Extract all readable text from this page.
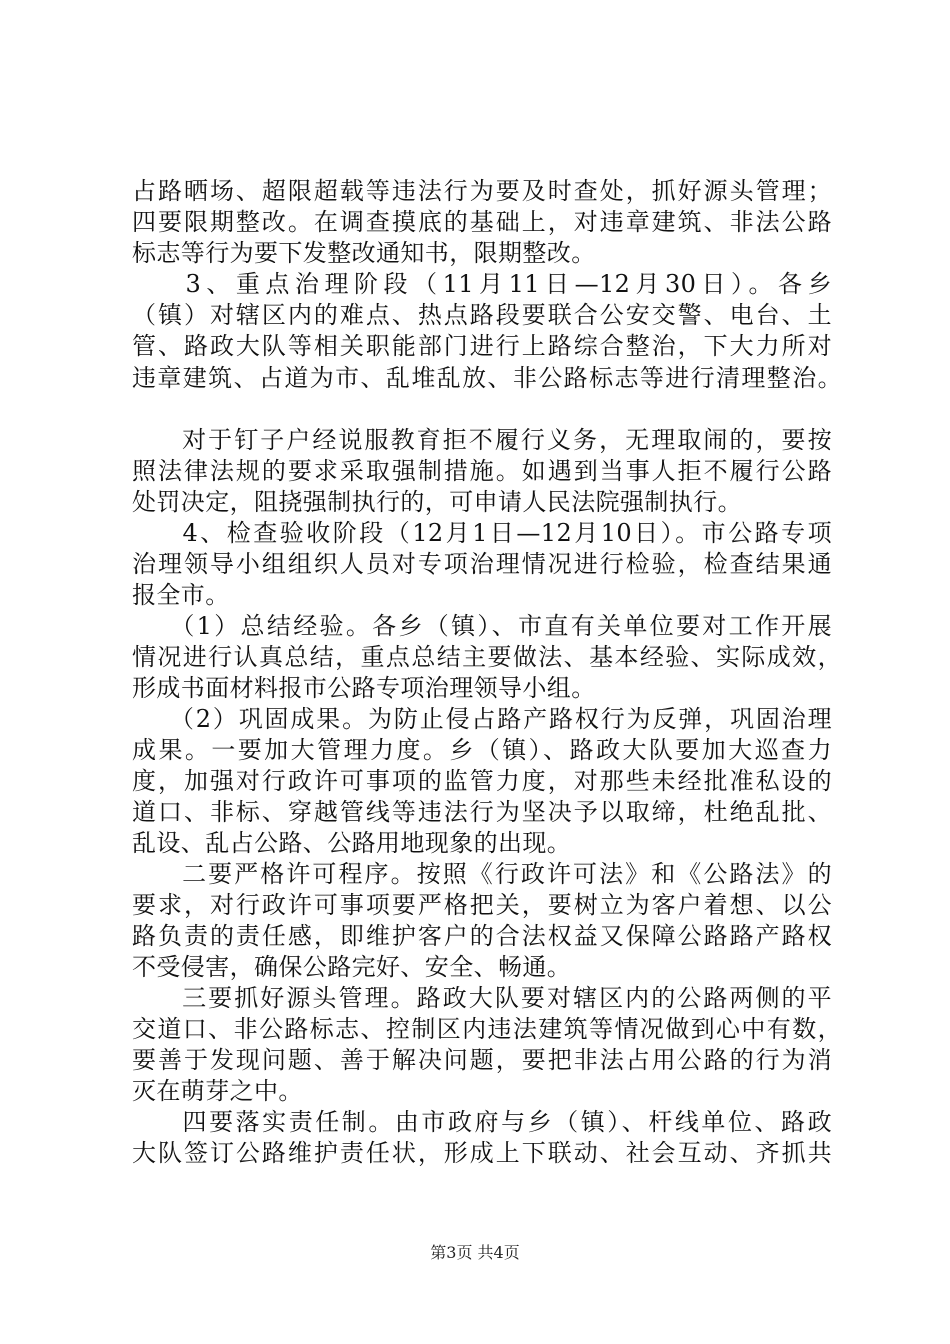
占路晒场、超限超载等违法行为要及时查处，抓好源头管理；
四要限期整改。在调查摸底的基础上，对违章建筑、非法公路
标志等行为要下发整改通知书，限期整改。
　3、重点治理阶段（11月11日—12月30日）。各乡
（镇）对辖区内的难点、热点路段要联合公安交警、电台、土
管、路政大队等相关职能部门进行上路综合整治，下大力所对
违章建筑、占道为市、乱堆乱放、非公路标志等进行清理整治。
　对于钉子户经说服教育拒不履行义务，无理取闹的，要按
照法律法规的要求采取强制措施。如遇到当事人拒不履行公路
处罚决定，阻挠强制执行的，可申请人民法院强制执行。
　4、检查验收阶段（12月1日—12月10日）。市公路专项
治理领导小组组织人员对专项治理情况进行检验，检查结果通
报全市。
　（1）总结经验。各乡（镇）、市直有关单位要对工作开展
情况进行认真总结，重点总结主要做法、基本经验、实际成效，
形成书面材料报市公路专项治理领导小组。
　（2）巩固成果。为防止侵占路产路权行为反弹，巩固治理
成果。一要加大管理力度。乡（镇）、路政大队要加大巡查力
度，加强对行政许可事项的监管力度，对那些未经批准私设的
道口、非标、穿越管线等违法行为坚决予以取缔，杜绝乱批、
乱设、乱占公路、公路用地现象的出现。
　二要严格许可程序。按照《行政许可法》和《公路法》的
要求，对行政许可事项要严格把关，要树立为客户着想、以公
路负责的责任感，即维护客户的合法权益又保障公路路产路权
不受侵害，确保公路完好、安全、畅通。
　三要抓好源头管理。路政大队要对辖区内的公路两侧的平
交道口、非公路标志、控制区内违法建筑等情况做到心中有数，
要善于发现问题、善于解决问题，要把非法占用公路的行为消
灭在萌芽之中。
　四要落实责任制。由市政府与乡（镇）、杆线单位、路政
大队签订公路维护责任状，形成上下联动、社会互动、齐抓共
第3页 共4页
